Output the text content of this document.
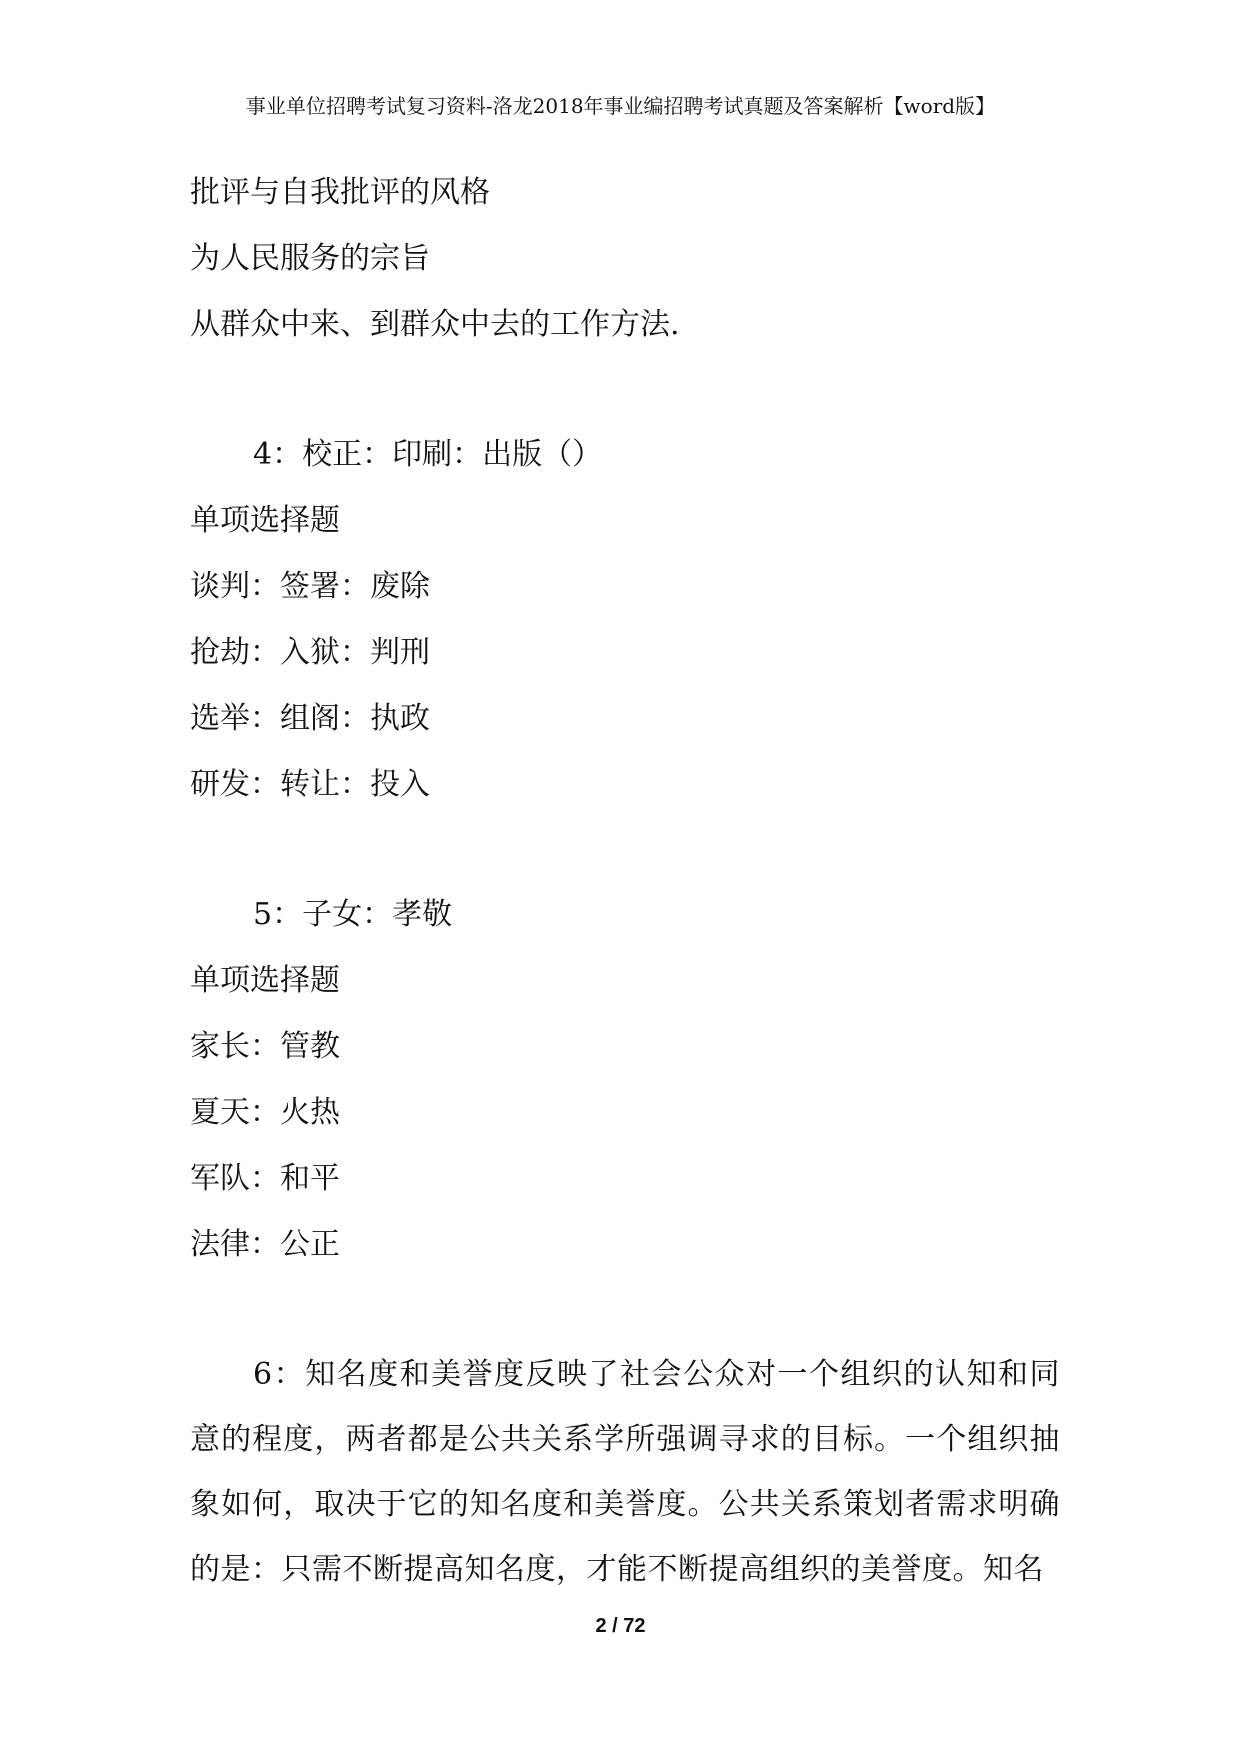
事业单位招聘考试复习资料-洛龙2018年事业编招聘考试真题及答案解析【word版】
批评与自我批评的风格
为人民服务的宗旨
从群众中来、到群众中去的工作方法.
4：校正：印刷：出版（）
单项选择题
谈判：签署：废除
抢劫：入狱：判刑
选举：组阁：执政
研发：转让：投入
5：子女：孝敬
单项选择题
家长：管教
夏天：火热
军队：和平
法律：公正
6：知名度和美誉度反映了社会公众对一个组织的认知和同意的程度，两者都是公共关系学所强调寻求的目标。一个组织抽象如何，取决于它的知名度和美誉度。公共关系策划者需求明确的是：只需不断提高知名度，才能不断提高组织的美誉度。知名
2 / 72
